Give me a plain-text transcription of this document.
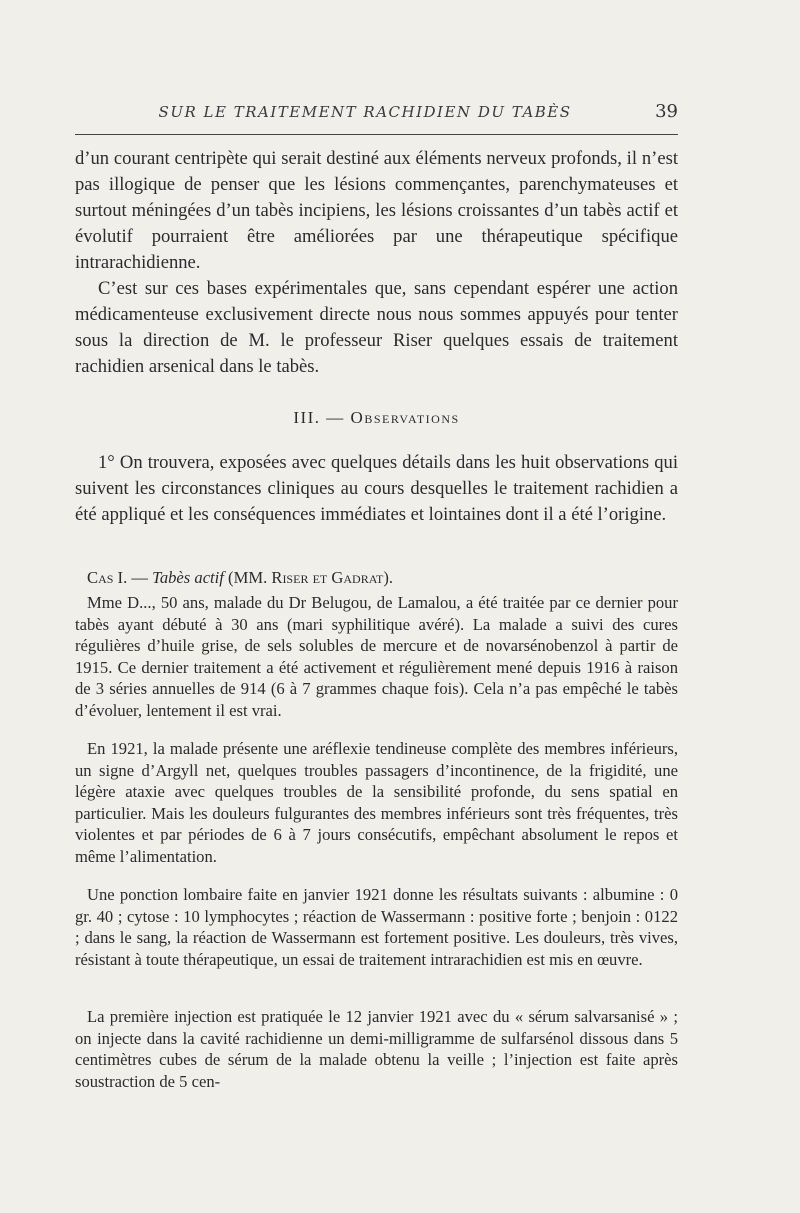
SUR LE TRAITEMENT RACHIDIEN DU TABÈS	39

d’un courant centripète qui serait destiné aux éléments nerveux profonds, il n’est pas illogique de penser que les lésions commençantes, parenchymateuses et surtout méningées d’un tabès incipiens, les lésions croissantes d’un tabès actif et évolutif pourraient être améliorées par une thérapeutique spécifique intrarachidienne.

C’est sur ces bases expérimentales que, sans cependant espérer une action médicamenteuse exclusivement directe nous nous sommes appuyés pour tenter sous la direction de M. le professeur Riser quelques essais de traitement rachidien arsenical dans le tabès.

III. — Observations

1° On trouvera, exposées avec quelques détails dans les huit observations qui suivent les circonstances cliniques au cours desquelles le traitement rachidien a été appliqué et les conséquences immédiates et lointaines dont il a été l’origine.

Cas I. — Tabès actif (MM. Riser et Gadrat).

Mme D..., 50 ans, malade du Dr Belugou, de Lamalou, a été traitée par ce dernier pour tabès ayant débuté à 30 ans (mari syphilitique avéré). La malade a suivi des cures régulières d’huile grise, de sels solubles de mercure et de novarsénobenzol à partir de 1915. Ce dernier traitement a été activement et régulièrement mené depuis 1916 à raison de 3 séries annuelles de 914 (6 à 7 grammes chaque fois). Cela n’a pas empêché le tabès d’évoluer, lentement il est vrai.

En 1921, la malade présente une aréflexie tendineuse complète des membres inférieurs, un signe d’Argyll net, quelques troubles passagers d’incontinence, de la frigidité, une légère ataxie avec quelques troubles de la sensibilité profonde, du sens spatial en particulier. Mais les douleurs fulgurantes des membres inférieurs sont très fréquentes, très violentes et par périodes de 6 à 7 jours consécutifs, empêchant absolument le repos et même l’alimentation.

Une ponction lombaire faite en janvier 1921 donne les résultats suivants : albumine : 0 gr. 40 ; cytose : 10 lymphocytes ; réaction de Wassermann : positive forte ; benjoin : 0122 ; dans le sang, la réaction de Wassermann est fortement positive. Les douleurs, très vives, résistant à toute thérapeutique, un essai de traitement intrarachidien est mis en œuvre.

La première injection est pratiquée le 12 janvier 1921 avec du « sérum salvarsanisé » ; on injecte dans la cavité rachidienne un demi-milligramme de sulfarsénol dissous dans 5 centimètres cubes de sérum de la malade obtenu la veille ; l’injection est faite après soustraction de 5 cen-
